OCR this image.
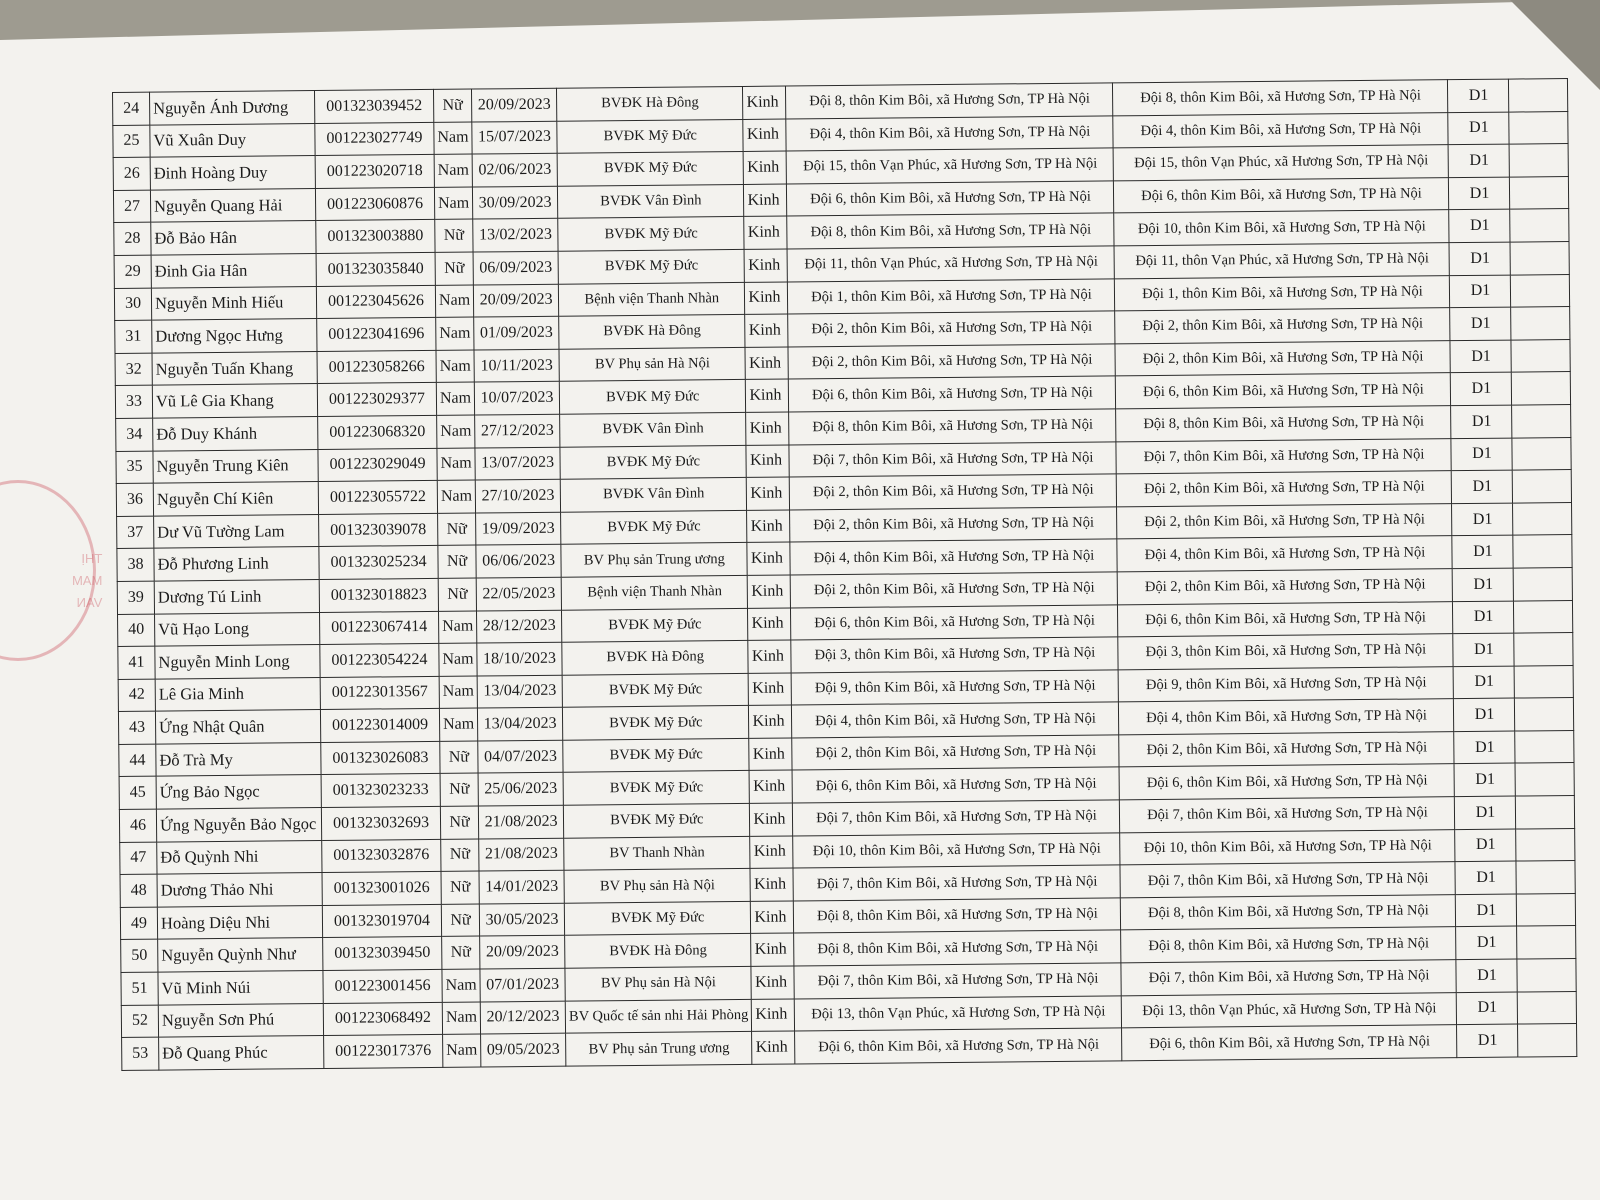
THỊ
MAM
VAN
24	Nguyễn Ánh Dương	001323039452	Nữ	20/09/2023	BVĐK Hà Đông	Kinh	Đội 8, thôn Kim Bôi, xã Hương Sơn, TP Hà Nội	Đội 8, thôn Kim Bôi, xã Hương Sơn, TP Hà Nội	D1	
25	Vũ Xuân Duy	001223027749	Nam	15/07/2023	BVĐK Mỹ Đức	Kinh	Đội 4, thôn Kim Bôi, xã Hương Sơn, TP Hà Nội	Đội 4, thôn Kim Bôi, xã Hương Sơn, TP Hà Nội	D1	
26	Đinh Hoàng Duy	001223020718	Nam	02/06/2023	BVĐK Mỹ Đức	Kinh	Đội 15, thôn Vạn Phúc, xã Hương Sơn, TP Hà Nội	Đội 15, thôn Vạn Phúc, xã Hương Sơn, TP Hà Nội	D1	
27	Nguyễn Quang Hải	001223060876	Nam	30/09/2023	BVĐK Vân Đình	Kinh	Đội 6, thôn Kim Bôi, xã Hương Sơn, TP Hà Nội	Đội 6, thôn Kim Bôi, xã Hương Sơn, TP Hà Nội	D1	
28	Đỗ Bảo Hân	001323003880	Nữ	13/02/2023	BVĐK Mỹ Đức	Kinh	Đội 8, thôn Kim Bôi, xã Hương Sơn, TP Hà Nội	Đội 10, thôn Kim Bôi, xã Hương Sơn, TP Hà Nội	D1	
29	Đinh Gia Hân	001323035840	Nữ	06/09/2023	BVĐK Mỹ Đức	Kinh	Đội 11, thôn Vạn Phúc, xã Hương Sơn, TP Hà Nội	Đội 11, thôn Vạn Phúc, xã Hương Sơn, TP Hà Nội	D1	
30	Nguyễn Minh Hiếu	001223045626	Nam	20/09/2023	Bệnh viện Thanh Nhàn	Kinh	Đội 1, thôn Kim Bôi, xã Hương Sơn, TP Hà Nội	Đội 1, thôn Kim Bôi, xã Hương Sơn, TP Hà Nội	D1	
31	Dương Ngọc Hưng	001223041696	Nam	01/09/2023	BVĐK Hà Đông	Kinh	Đội 2, thôn Kim Bôi, xã Hương Sơn, TP Hà Nội	Đội 2, thôn Kim Bôi, xã Hương Sơn, TP Hà Nội	D1	
32	Nguyễn Tuấn Khang	001223058266	Nam	10/11/2023	BV Phụ sản Hà Nội	Kinh	Đội 2, thôn Kim Bôi, xã Hương Sơn, TP Hà Nội	Đội 2, thôn Kim Bôi, xã Hương Sơn, TP Hà Nội	D1	
33	Vũ Lê Gia Khang	001223029377	Nam	10/07/2023	BVĐK Mỹ Đức	Kinh	Đội 6, thôn Kim Bôi, xã Hương Sơn, TP Hà Nội	Đội 6, thôn Kim Bôi, xã Hương Sơn, TP Hà Nội	D1	
34	Đỗ Duy Khánh	001223068320	Nam	27/12/2023	BVĐK Vân Đình	Kinh	Đội 8, thôn Kim Bôi, xã Hương Sơn, TP Hà Nội	Đội 8, thôn Kim Bôi, xã Hương Sơn, TP Hà Nội	D1	
35	Nguyễn Trung Kiên	001223029049	Nam	13/07/2023	BVĐK Mỹ Đức	Kinh	Đội 7, thôn Kim Bôi, xã Hương Sơn, TP Hà Nội	Đội 7, thôn Kim Bôi, xã Hương Sơn, TP Hà Nội	D1	
36	Nguyễn Chí Kiên	001223055722	Nam	27/10/2023	BVĐK Vân Đình	Kinh	Đội 2, thôn Kim Bôi, xã Hương Sơn, TP Hà Nội	Đội 2, thôn Kim Bôi, xã Hương Sơn, TP Hà Nội	D1	
37	Dư Vũ Tường Lam	001323039078	Nữ	19/09/2023	BVĐK Mỹ Đức	Kinh	Đội 2, thôn Kim Bôi, xã Hương Sơn, TP Hà Nội	Đội 2, thôn Kim Bôi, xã Hương Sơn, TP Hà Nội	D1	
38	Đỗ Phương Linh	001323025234	Nữ	06/06/2023	BV Phụ sản Trung ương	Kinh	Đội 4, thôn Kim Bôi, xã Hương Sơn, TP Hà Nội	Đội 4, thôn Kim Bôi, xã Hương Sơn, TP Hà Nội	D1	
39	Dương Tú Linh	001323018823	Nữ	22/05/2023	Bệnh viện Thanh Nhàn	Kinh	Đội 2, thôn Kim Bôi, xã Hương Sơn, TP Hà Nội	Đội 2, thôn Kim Bôi, xã Hương Sơn, TP Hà Nội	D1	
40	Vũ Hạo Long	001223067414	Nam	28/12/2023	BVĐK Mỹ Đức	Kinh	Đội 6, thôn Kim Bôi, xã Hương Sơn, TP Hà Nội	Đội 6, thôn Kim Bôi, xã Hương Sơn, TP Hà Nội	D1	
41	Nguyễn Minh Long	001223054224	Nam	18/10/2023	BVĐK Hà Đông	Kinh	Đội 3, thôn Kim Bôi, xã Hương Sơn, TP Hà Nội	Đội 3, thôn Kim Bôi, xã Hương Sơn, TP Hà Nội	D1	
42	Lê Gia Minh	001223013567	Nam	13/04/2023	BVĐK Mỹ Đức	Kinh	Đội 9, thôn Kim Bôi, xã Hương Sơn, TP Hà Nội	Đội 9, thôn Kim Bôi, xã Hương Sơn, TP Hà Nội	D1	
43	Ứng Nhật Quân	001223014009	Nam	13/04/2023	BVĐK Mỹ Đức	Kinh	Đội 4, thôn Kim Bôi, xã Hương Sơn, TP Hà Nội	Đội 4, thôn Kim Bôi, xã Hương Sơn, TP Hà Nội	D1	
44	Đỗ Trà My	001323026083	Nữ	04/07/2023	BVĐK Mỹ Đức	Kinh	Đội 2, thôn Kim Bôi, xã Hương Sơn, TP Hà Nội	Đội 2, thôn Kim Bôi, xã Hương Sơn, TP Hà Nội	D1	
45	Ứng Bảo Ngọc	001323023233	Nữ	25/06/2023	BVĐK Mỹ Đức	Kinh	Đội 6, thôn Kim Bôi, xã Hương Sơn, TP Hà Nội	Đội 6, thôn Kim Bôi, xã Hương Sơn, TP Hà Nội	D1	
46	Ứng Nguyễn Bảo Ngọc	001323032693	Nữ	21/08/2023	BVĐK Mỹ Đức	Kinh	Đội 7, thôn Kim Bôi, xã Hương Sơn, TP Hà Nội	Đội 7, thôn Kim Bôi, xã Hương Sơn, TP Hà Nội	D1	
47	Đỗ Quỳnh Nhi	001323032876	Nữ	21/08/2023	BV Thanh Nhàn	Kinh	Đội 10, thôn Kim Bôi, xã Hương Sơn, TP Hà Nội	Đội 10, thôn Kim Bôi, xã Hương Sơn, TP Hà Nội	D1	
48	Dương Thảo Nhi	001323001026	Nữ	14/01/2023	BV Phụ sản Hà Nội	Kinh	Đội 7, thôn Kim Bôi, xã Hương Sơn, TP Hà Nội	Đội 7, thôn Kim Bôi, xã Hương Sơn, TP Hà Nội	D1	
49	Hoàng Diệu Nhi	001323019704	Nữ	30/05/2023	BVĐK Mỹ Đức	Kinh	Đội 8, thôn Kim Bôi, xã Hương Sơn, TP Hà Nội	Đội 8, thôn Kim Bôi, xã Hương Sơn, TP Hà Nội	D1	
50	Nguyễn Quỳnh Như	001323039450	Nữ	20/09/2023	BVĐK Hà Đông	Kinh	Đội 8, thôn Kim Bôi, xã Hương Sơn, TP Hà Nội	Đội 8, thôn Kim Bôi, xã Hương Sơn, TP Hà Nội	D1	
51	Vũ Minh Núi	001223001456	Nam	07/01/2023	BV Phụ sản Hà Nội	Kinh	Đội 7, thôn Kim Bôi, xã Hương Sơn, TP Hà Nội	Đội 7, thôn Kim Bôi, xã Hương Sơn, TP Hà Nội	D1	
52	Nguyễn Sơn Phú	001223068492	Nam	20/12/2023	BV Quốc tế sản nhi Hải Phòng	Kinh	Đội 13, thôn Vạn Phúc, xã Hương Sơn, TP Hà Nội	Đội 13, thôn Vạn Phúc, xã Hương Sơn, TP Hà Nội	D1	
53	Đỗ Quang Phúc	001223017376	Nam	09/05/2023	BV Phụ sản Trung ương	Kinh	Đội 6, thôn Kim Bôi, xã Hương Sơn, TP Hà Nội	Đội 6, thôn Kim Bôi, xã Hương Sơn, TP Hà Nội	D1	
